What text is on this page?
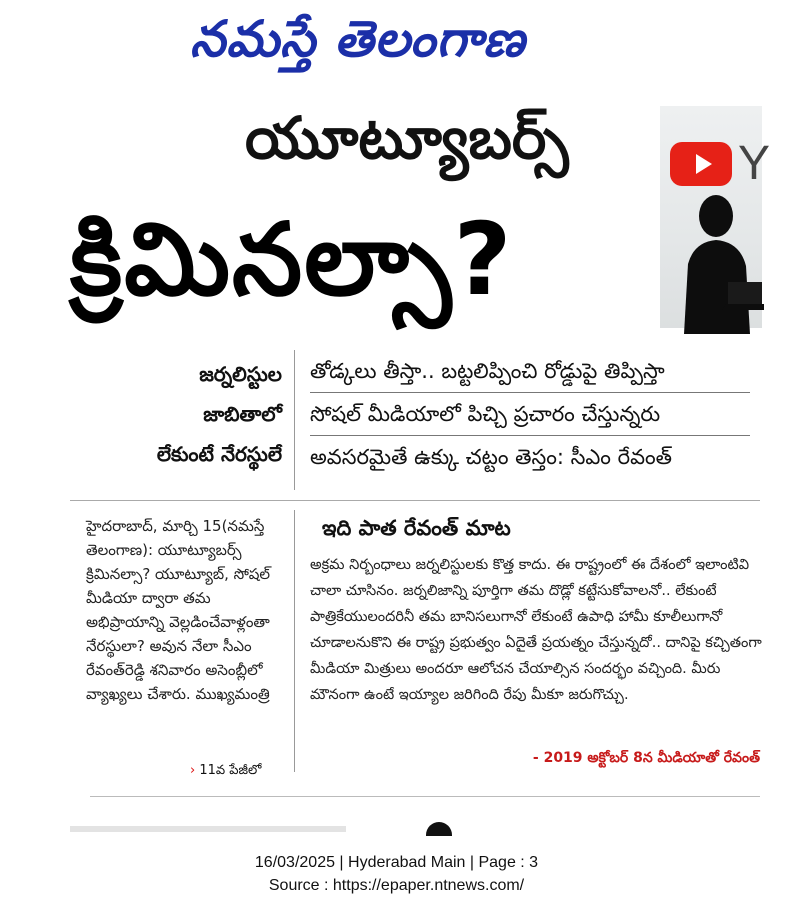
నమస్తే తెలంగాణ
యూట్యూబర్స్
క్రిమినల్సా?
Y
జర్నలిస్టుల
జాబితాలో
లేకుంటే నేరస్థులే
తోడ్కలు తీస్తా.. బట్టలిప్పించి రోడ్డుపై తిప్పిస్తా
సోషల్ మీడియాలో పిచ్చి ప్రచారం చేస్తున్నరు
అవసరమైతే ఉక్కు చట్టం తెస్తం: సీఎం రేవంత్

హైదరాబాద్, మార్చి 15(నమస్తే తెలంగాణ): యూట్యూబర్స్ క్రిమినల్సా? యూట్యూబ్, సోషల్ మీడియా ద్వారా తమ అభిప్రాయాన్ని వెల్లడించేవాళ్లంతా నేరస్థులా? అవున నేలా సీఎం రేవంత్‌రెడ్డి శనివారం అసెంబ్లీలో వ్యాఖ్యలు చేశారు. ముఖ్యమంత్రి

› 11వ పేజీలో
ఇది పాత రేవంత్ మాట
అక్రమ నిర్బంధాలు జర్నలిస్టులకు కొత్త కాదు. ఈ రాష్ట్రంలో ఈ దేశంలో ఇలాంటివి చాలా చూసినం. జర్నలిజాన్ని పూర్తిగా తమ దొడ్లో కట్టేసుకోవాలనో.. లేకుంటే పాత్రికేయులందరినీ తమ బానిసలుగానో లేకుంటే ఉపాధి హామీ కూలీలుగానో చూడాలనుకొని ఈ రాష్ట్ర ప్రభుత్వం ఏదైతే ప్రయత్నం చేస్తున్నదో.. దానిపై కచ్చితంగా మీడియా మిత్రులు అందరూ ఆలోచన చేయాల్సిన సందర్భం వచ్చింది. మీరు మౌనంగా ఉంటే ఇయ్యాల జరిగింది రేపు మీకూ జరుగొచ్చు.
- 2019 అక్టోబర్ 8న మీడియాతో రేవంత్
16/03/2025 | Hyderabad Main | Page : 3
Source : https://epaper.ntnews.com/
